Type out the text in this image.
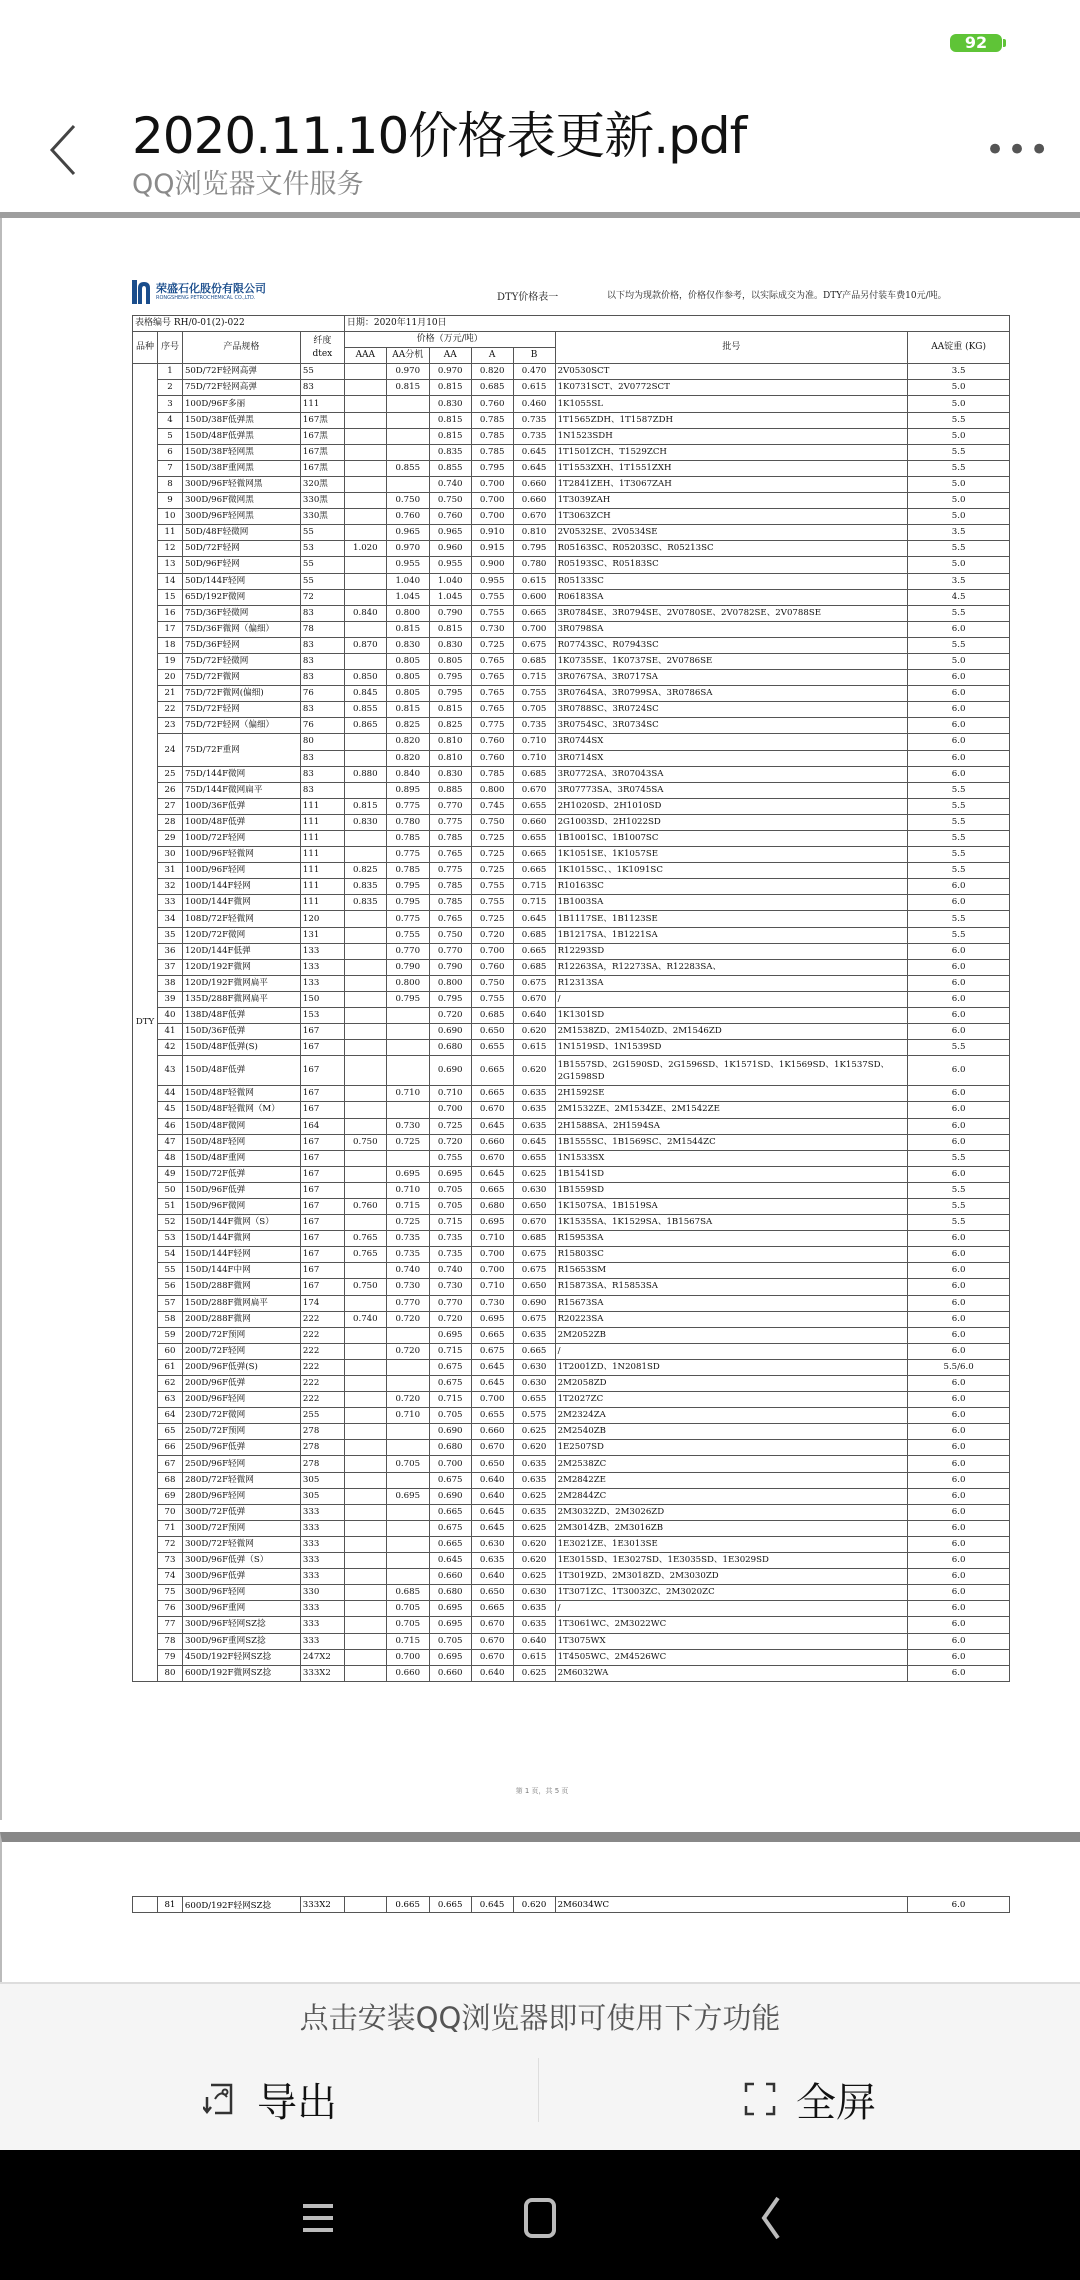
92
2020.11.10价格表更新.pdf
QQ浏览器文件服务
•••
荣盛石化股份有限公司
RONGSHENG PETROCHEMICAL CO.,LTD.	DTY价格表一	以下均为现款价格，价格仅作参考，以实际成交为准。DTY产品另付装车费10元/吨。
表格编号 RH/0-01(2)-022				日期：2020年11月10日						
品种	序号	产品规格	纤度 dtex	价格（万元/吨）					批号	AA锭重 (KG)
				AAA	AA分机	AA	A	B		
DTY	1	50D/72F轻网高弹	55		0.970	0.970	0.820	0.470	2V0530SCT	3.5
	2	75D/72F轻网高弹	83		0.815	0.815	0.685	0.615	1K0731SCT、2V0772SCT	5.0
	3	100D/96F多丽	111			0.830	0.760	0.460	1K1055SL	5.0
	4	150D/38F低弹黑	167黑			0.815	0.785	0.735	1T1565ZDH、1T1587ZDH	5.5
	5	150D/48F低弹黑	167黑			0.815	0.785	0.735	1N1523SDH	5.0
	6	150D/38F轻网黑	167黑			0.835	0.785	0.645	1T1501ZCH、T1529ZCH	5.5
	7	150D/38F重网黑	167黑		0.855	0.855	0.795	0.645	1T1553ZXH、1T1551ZXH	5.5
	8	300D/96F轻微网黑	320黑			0.740	0.700	0.660	1T2841ZEH、1T3067ZAH	5.0
	9	300D/96F微网黑	330黑		0.750	0.750	0.700	0.660	1T3039ZAH	5.0
	10	300D/96F轻网黑	330黑		0.760	0.760	0.700	0.670	1T3063ZCH	5.0
	11	50D/48F轻微网	55		0.965	0.965	0.910	0.810	2V0532SE、2V0534SE	3.5
	12	50D/72F轻网	53	1.020	0.970	0.960	0.915	0.795	R05163SC、R05203SC、R05213SC	5.5
	13	50D/96F轻网	55		0.955	0.955	0.900	0.780	R05193SC、R05183SC	5.0
	14	50D/144F轻网	55		1.040	1.040	0.955	0.615	R05133SC	3.5
	15	65D/192F微网	72		1.045	1.045	0.755	0.600	R06183SA	4.5
	16	75D/36F轻微网	83	0.840	0.800	0.790	0.755	0.665	3R0784SE、3R0794SE、2V0780SE、2V0782SE、2V0788SE	5.5
	17	75D/36F微网（偏细）	78		0.815	0.815	0.730	0.700	3R0798SA	6.0
	18	75D/36F轻网	83	0.870	0.830	0.830	0.725	0.675	R07743SC、R07943SC	5.5
	19	75D/72F轻微网	83		0.805	0.805	0.765	0.685	1K0735SE、1K0737SE、2V0786SE	5.0
	20	75D/72F微网	83	0.850	0.805	0.795	0.765	0.715	3R0767SA、3R0717SA	6.0
	21	75D/72F微网(偏细)	76	0.845	0.805	0.795	0.765	0.755	3R0764SA、3R0799SA、3R0786SA	6.0
	22	75D/72F轻网	83	0.855	0.815	0.815	0.765	0.705	3R0788SC、3R0724SC	6.0
	23	75D/72F轻网（偏细）	76	0.865	0.825	0.825	0.775	0.735	3R0754SC、3R0734SC	6.0
	24	75D/72F重网	80		0.820	0.810	0.760	0.710	3R0744SX	6.0
			83		0.820	0.810	0.760	0.710	3R0714SX	6.0
	25	75D/144F微网	83	0.880	0.840	0.830	0.785	0.685	3R0772SA、3R07043SA	6.0
	26	75D/144F微网扁平	83		0.895	0.885	0.800	0.670	3R07773SA、3R0745SA	5.5
	27	100D/36F低弹	111	0.815	0.775	0.770	0.745	0.655	2H1020SD、2H1010SD	5.5
	28	100D/48F低弹	111	0.830	0.780	0.775	0.750	0.660	2G1003SD、2H1022SD	5.5
	29	100D/72F轻网	111		0.785	0.785	0.725	0.655	1B1001SC、1B1007SC	5.5
	30	100D/96F轻微网	111		0.775	0.765	0.725	0.665	1K1051SE、1K1057SE	5.5
	31	100D/96F轻网	111	0.825	0.785	0.775	0.725	0.665	1K1015SC、、1K1091SC	5.5
	32	100D/144F轻网	111	0.835	0.795	0.785	0.755	0.715	R10163SC	6.0
	33	100D/144F微网	111	0.835	0.795	0.785	0.755	0.715	1B1003SA	6.0
	34	108D/72F轻微网	120		0.775	0.765	0.725	0.645	1B1117SE、1B1123SE	5.5
	35	120D/72F微网	131		0.755	0.750	0.720	0.685	1B1217SA、1B1221SA	5.5
	36	120D/144F低弹	133		0.770	0.770	0.700	0.665	R12293SD	6.0
	37	120D/192F微网	133		0.790	0.790	0.760	0.685	R12263SA，R12273SA、R12283SA、	6.0
	38	120D/192F微网扁平	133		0.800	0.800	0.750	0.675	R12313SA	6.0
	39	135D/288F微网扁平	150		0.795	0.795	0.755	0.670	/	6.0
	40	138D/48F低弹	153			0.720	0.685	0.640	1K1301SD	6.0
	41	150D/36F低弹	167			0.690	0.650	0.620	2M1538ZD、2M1540ZD、2M1546ZD	6.0
	42	150D/48F低弹(S)	167			0.680	0.655	0.615	1N1519SD、1N1539SD	5.5
	43	150D/48F低弹	167			0.690	0.665	0.620	1B1557SD、2G1590SD、2G1596SD、1K1571SD、1K1569SD、1K1537SD、2G1598SD	6.0
	44	150D/48F轻微网	167		0.710	0.710	0.665	0.635	2H1592SE	6.0
	45	150D/48F轻微网（M）	167			0.700	0.670	0.635	2M1532ZE、2M1534ZE、2M1542ZE	6.0
	46	150D/48F微网	164		0.730	0.725	0.645	0.635	2H1588SA、2H1594SA	6.0
	47	150D/48F轻网	167	0.750	0.725	0.720	0.660	0.645	1B1555SC、1B1569SC、2M1544ZC	6.0
	48	150D/48F重网	167			0.755	0.670	0.655	1N1533SX	5.5
	49	150D/72F低弹	167		0.695	0.695	0.645	0.625	1B1541SD	6.0
	50	150D/96F低弹	167		0.710	0.705	0.665	0.630	1B1559SD	5.5
	51	150D/96F微网	167	0.760	0.715	0.705	0.680	0.650	1K1507SA、1B1519SA	5.5
	52	150D/144F微网（S）	167		0.725	0.715	0.695	0.670	1K1535SA、1K1529SA、1B1567SA	5.5
	53	150D/144F微网	167	0.765	0.735	0.735	0.710	0.685	R15953SA	6.0
	54	150D/144F轻网	167	0.765	0.735	0.735	0.700	0.675	R15803SC	6.0
	55	150D/144F中网	167		0.740	0.740	0.700	0.675	R15653SM	6.0
	56	150D/288F微网	167	0.750	0.730	0.730	0.710	0.650	R15873SA、R15853SA	6.0
	57	150D/288F微网扁平	174		0.770	0.770	0.730	0.690	R15673SA	6.0
	58	200D/288F微网	222	0.740	0.720	0.720	0.695	0.675	R20223SA	6.0
	59	200D/72F预网	222			0.695	0.665	0.635	2M2052ZB	6.0
	60	200D/72F轻网	222		0.720	0.715	0.675	0.665	/	6.0
	61	200D/96F低弹(S)	222			0.675	0.645	0.630	1T2001ZD、1N2081SD	5.5/6.0
	62	200D/96F低弹	222			0.675	0.645	0.630	2M2058ZD	6.0
	63	200D/96F轻网	222		0.720	0.715	0.700	0.655	1T2027ZC	6.0
	64	230D/72F微网	255		0.710	0.705	0.655	0.575	2M2324ZA	6.0
	65	250D/72F预网	278			0.690	0.660	0.625	2M2540ZB	6.0
	66	250D/96F低弹	278			0.680	0.670	0.620	1E2507SD	6.0
	67	250D/96F轻网	278		0.705	0.700	0.650	0.635	2M2538ZC	6.0
	68	280D/72F轻微网	305			0.675	0.640	0.635	2M2842ZE	6.0
	69	280D/96F轻网	305		0.695	0.690	0.640	0.625	2M2844ZC	6.0
	70	300D/72F低弹	333			0.665	0.645	0.635	2M3032ZD、2M3026ZD	6.0
	71	300D/72F预网	333			0.675	0.645	0.625	2M3014ZB、2M3016ZB	6.0
	72	300D/72F轻微网	333			0.665	0.630	0.620	1E3021ZE、1E3013SE	6.0
	73	300D/96F低弹（S）	333			0.645	0.635	0.620	1E3015SD、1E3027SD、1E3035SD、1E3029SD	6.0
	74	300D/96F低弹	333			0.660	0.640	0.625	1T3019ZD、2M3018ZD、2M3030ZD	6.0
	75	300D/96F轻网	330		0.685	0.680	0.650	0.630	1T3071ZC、1T3003ZC、2M3020ZC	6.0
	76	300D/96F重网	333		0.705	0.695	0.665	0.635	/	6.0
	77	300D/96F轻网SZ捻	333		0.705	0.695	0.670	0.635	1T3061WC、2M3022WC	6.0
	78	300D/96F重网SZ捻	333		0.715	0.705	0.670	0.640	1T3075WX	6.0
	79	450D/192F轻网SZ捻	247X2		0.700	0.695	0.670	0.615	1T4505WC、2M4526WC	6.0
	80	600D/192F微网SZ捻	333X2		0.660	0.660	0.640	0.625	2M6032WA	6.0
第 1 页，共 5 页
	81	600D/192F轻网SZ捻	333X2		0.665	0.665	0.645	0.620	2M6034WC	6.0
点击安装QQ浏览器即可使用下方功能
导出	全屏
